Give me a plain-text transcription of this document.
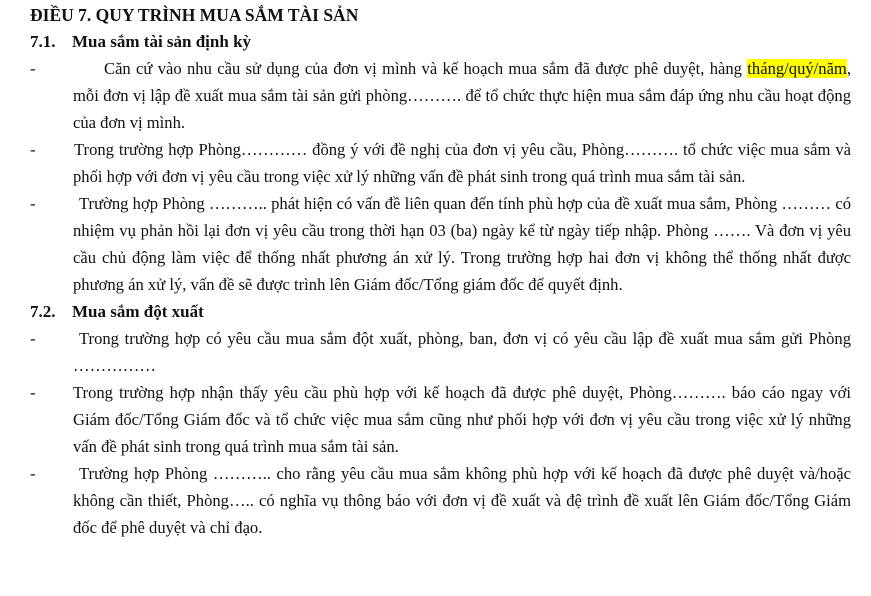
ĐIỀU 7. QUY TRÌNH MUA SẮM TÀI SẢN
7.1. Mua sắm tài sản định kỳ
-	Căn cứ vào nhu cầu sử dụng của đơn vị mình và kế hoạch mua sắm đã được phê duyệt, hàng tháng/quý/năm, mỗi đơn vị lập đề xuất mua sắm tài sản gửi phòng………. để tổ chức thực hiện mua sắm đáp ứng nhu cầu hoạt động của đơn vị mình.
- Trong trường hợp Phòng………… đồng ý với đề nghị của đơn vị yêu cầu, Phòng………. tổ chức việc mua sắm và phối hợp với đơn vị yêu cầu trong việc xử lý những vấn đề phát sinh trong quá trình mua sắm tài sản.
-	Trường hợp Phòng ……….. phát hiện có vấn đề liên quan đến tính phù hợp của đề xuất mua sắm, Phòng ……… có nhiệm vụ phản hồi lại đơn vị yêu cầu trong thời hạn 03 (ba) ngày kể từ ngày tiếp nhập. Phòng ……. Và đơn vị yêu cầu chủ động làm việc để thống nhất phương án xử lý. Trong trường hợp hai đơn vị không thể thống nhất được phương án xử lý, vấn đề sẽ được trình lên Giám đốc/Tổng giám đốc để quyết định.
7.2. Mua sắm đột xuất
-	Trong trường hợp có yêu cầu mua sắm đột xuất, phòng, ban, đơn vị có yêu cầu lập đề xuất mua sắm gửi Phòng ……………
- Trong trường hợp nhận thấy yêu cầu phù hợp với kế hoạch đã được phê duyệt, Phòng………. báo cáo ngay với Giám đốc/Tổng Giám đốc và tổ chức việc mua sắm cũng như phối hợp với đơn vị yêu cầu trong việc xử lý những vấn đề phát sinh trong quá trình mua sắm tài sản.
-	Trường hợp Phòng ……….. cho rằng yêu cầu mua sắm không phù hợp với kế hoạch đã được phê duyệt và/hoặc không cần thiết, Phòng….. có nghĩa vụ thông báo với đơn vị đề xuất và đệ trình đề xuất lên Giám đốc/Tổng Giám đốc để phê duyệt và chỉ đạo.
